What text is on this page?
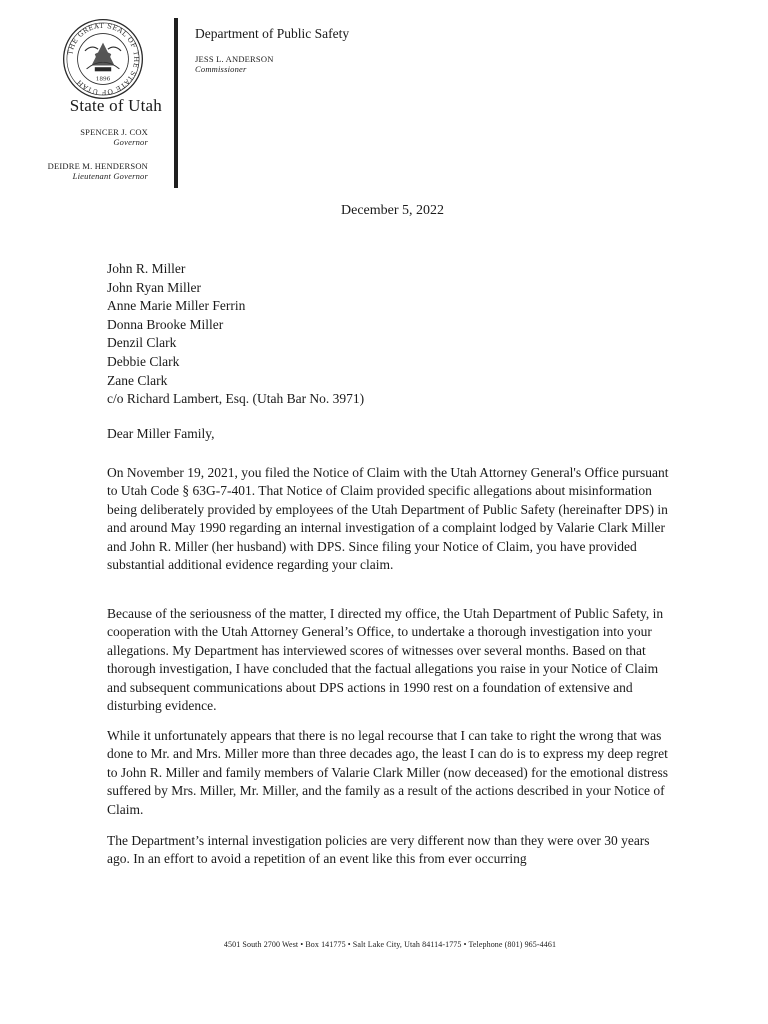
THE GREAT SEAL OF THE STATE OF UTAH	1896
State of Utah
SPENCER J. COX
Governor
DEIDRE M. HENDERSON
Lieutenant Governor
Department of Public Safety
JESS L. ANDERSON
Commissioner
December 5, 2022
John R. Miller
John Ryan Miller
Anne Marie Miller Ferrin
Donna Brooke Miller
Denzil Clark
Debbie Clark
Zane Clark
c/o Richard Lambert, Esq. (Utah Bar No. 3971)
Dear Miller Family,

On November 19, 2021, you filed the Notice of Claim with the Utah Attorney General's Office pursuant to Utah Code § 63G-7-401. That Notice of Claim provided specific allegations about misinformation being deliberately provided by employees of the Utah Department of Public Safety (hereinafter DPS) in and around May 1990 regarding an internal investigation of a complaint lodged by Valarie Clark Miller and John R. Miller (her husband) with DPS. Since filing your Notice of Claim, you have provided substantial additional evidence regarding your claim.

Because of the seriousness of the matter, I directed my office, the Utah Department of Public Safety, in cooperation with the Utah Attorney General’s Office, to undertake a thorough investigation into your allegations. My Department has interviewed scores of witnesses over several months. Based on that thorough investigation, I have concluded that the factual allegations you raise in your Notice of Claim and subsequent communications about DPS actions in 1990 rest on a foundation of extensive and disturbing evidence.

While it unfortunately appears that there is no legal recourse that I can take to right the wrong that was done to Mr. and Mrs. Miller more than three decades ago, the least I can do is to express my deep regret to John R. Miller and family members of Valarie Clark Miller (now deceased) for the emotional distress suffered by Mrs. Miller, Mr. Miller, and the family as a result of the actions described in your Notice of Claim.

The Department’s internal investigation policies are very different now than they were over 30 years ago. In an effort to avoid a repetition of an event like this from ever occurring

4501 South 2700 West • Box 141775 • Salt Lake City, Utah 84114-1775 • Telephone (801) 965-4461
